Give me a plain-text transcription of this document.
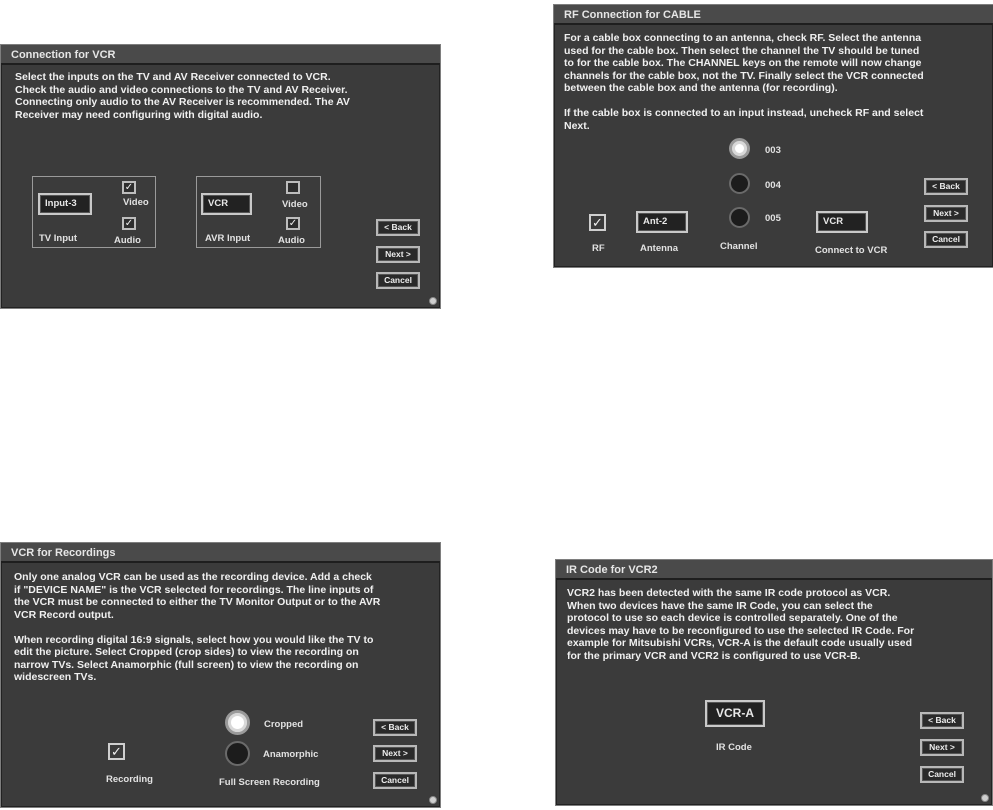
Connection for VCR
Select the inputs on the TV and AV Receiver connected to VCR.
Check the audio and video connections to the TV and AV Receiver.
Connecting only audio to the AV Receiver is recommended. The AV
Receiver may need configuring with digital audio.
Input-3
TV Input
✓
Video
✓
Audio
VCR
AVR Input
Video
✓
Audio
< Back
Next >
Cancel
RF Connection for CABLE
For a cable box connecting to an antenna, check RF. Select the antenna
used for the cable box. Then select the channel the TV should be tuned
to for the cable box. The CHANNEL keys on the remote will now change
channels for the cable box, not the TV. Finally select the VCR connected
between the cable box and the antenna (for recording).

If the cable box is connected to an input instead, uncheck RF and select
Next.
003
004
005
✓
RF
Ant-2
Antenna	Channel
VCR
Connect to VCR
< Back
Next >
Cancel
VCR for Recordings
Only one analog VCR can be used as the recording device. Add a check
if "DEVICE NAME" is the VCR selected for recordings. The line inputs of
the VCR must be connected to either the TV Monitor Output or to the AVR
VCR Record output.

When recording digital 16:9 signals, select how you would like the TV to
edit the picture. Select Cropped (crop sides) to view the recording on
narrow TVs. Select Anamorphic (full screen) to view the recording on
widescreen TVs.
Cropped
Anamorphic
✓
Recording	Full Screen Recording
< Back
Next >
Cancel
IR Code for VCR2
VCR2 has been detected with the same IR code protocol as VCR.
When two devices have the same IR Code, you can select the
protocol to use so each device is controlled separately. One of the
devices may have to be reconfigured to use the selected IR Code. For
example for Mitsubishi VCRs, VCR-A is the default code usually used
for the primary VCR and VCR2 is configured to use VCR-B.
VCR-A
IR Code
< Back
Next >
Cancel
